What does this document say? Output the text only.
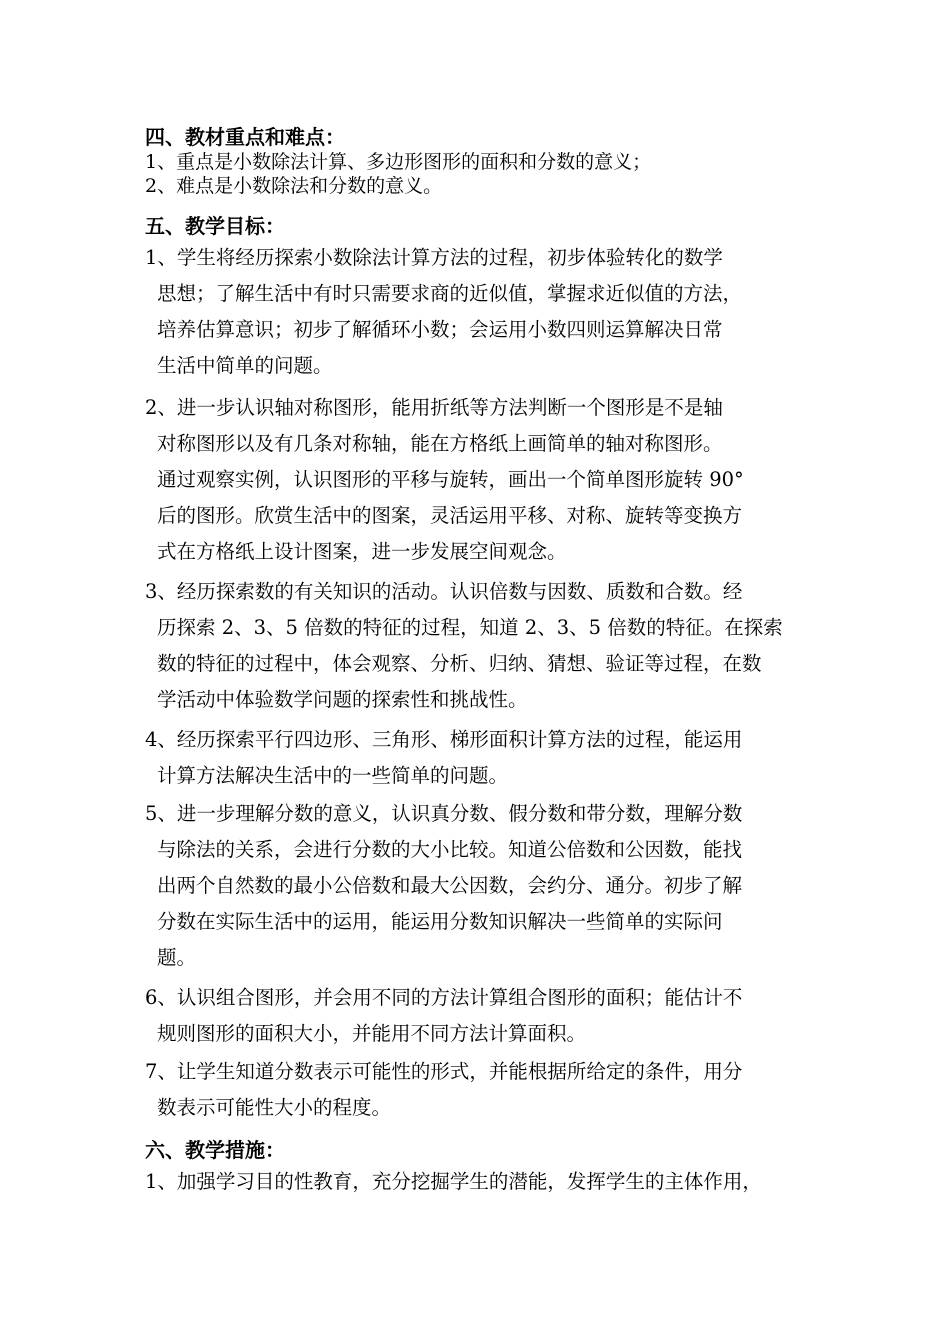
四、教材重点和难点：
1、重点是小数除法计算、多边形图形的面积和分数的意义；
2、难点是小数除法和分数的意义。
五、教学目标：
1、学生将经历探索小数除法计算方法的过程，初步体验转化的数学
思想；了解生活中有时只需要求商的近似值，掌握求近似值的方法，
培养估算意识；初步了解循环小数；会运用小数四则运算解决日常
生活中简单的问题。
2、进一步认识轴对称图形，能用折纸等方法判断一个图形是不是轴
对称图形以及有几条对称轴，能在方格纸上画简单的轴对称图形。
通过观察实例，认识图形的平移与旋转，画出一个简单图形旋转 90°
后的图形。欣赏生活中的图案，灵活运用平移、对称、旋转等变换方
式在方格纸上设计图案，进一步发展空间观念。
3、经历探索数的有关知识的活动。认识倍数与因数、质数和合数。经
历探索 2、3、5 倍数的特征的过程，知道 2、3、5 倍数的特征。在探索
数的特征的过程中，体会观察、分析、归纳、猜想、验证等过程，在数
学活动中体验数学问题的探索性和挑战性。
4、经历探索平行四边形、三角形、梯形面积计算方法的过程，能运用
计算方法解决生活中的一些简单的问题。
5、进一步理解分数的意义，认识真分数、假分数和带分数，理解分数
与除法的关系，会进行分数的大小比较。知道公倍数和公因数，能找
出两个自然数的最小公倍数和最大公因数，会约分、通分。初步了解
分数在实际生活中的运用，能运用分数知识解决一些简单的实际问
题。
6、认识组合图形，并会用不同的方法计算组合图形的面积；能估计不
规则图形的面积大小，并能用不同方法计算面积。
7、让学生知道分数表示可能性的形式，并能根据所给定的条件，用分
数表示可能性大小的程度。
六、教学措施：
1、加强学习目的性教育，充分挖掘学生的潜能，发挥学生的主体作用，
